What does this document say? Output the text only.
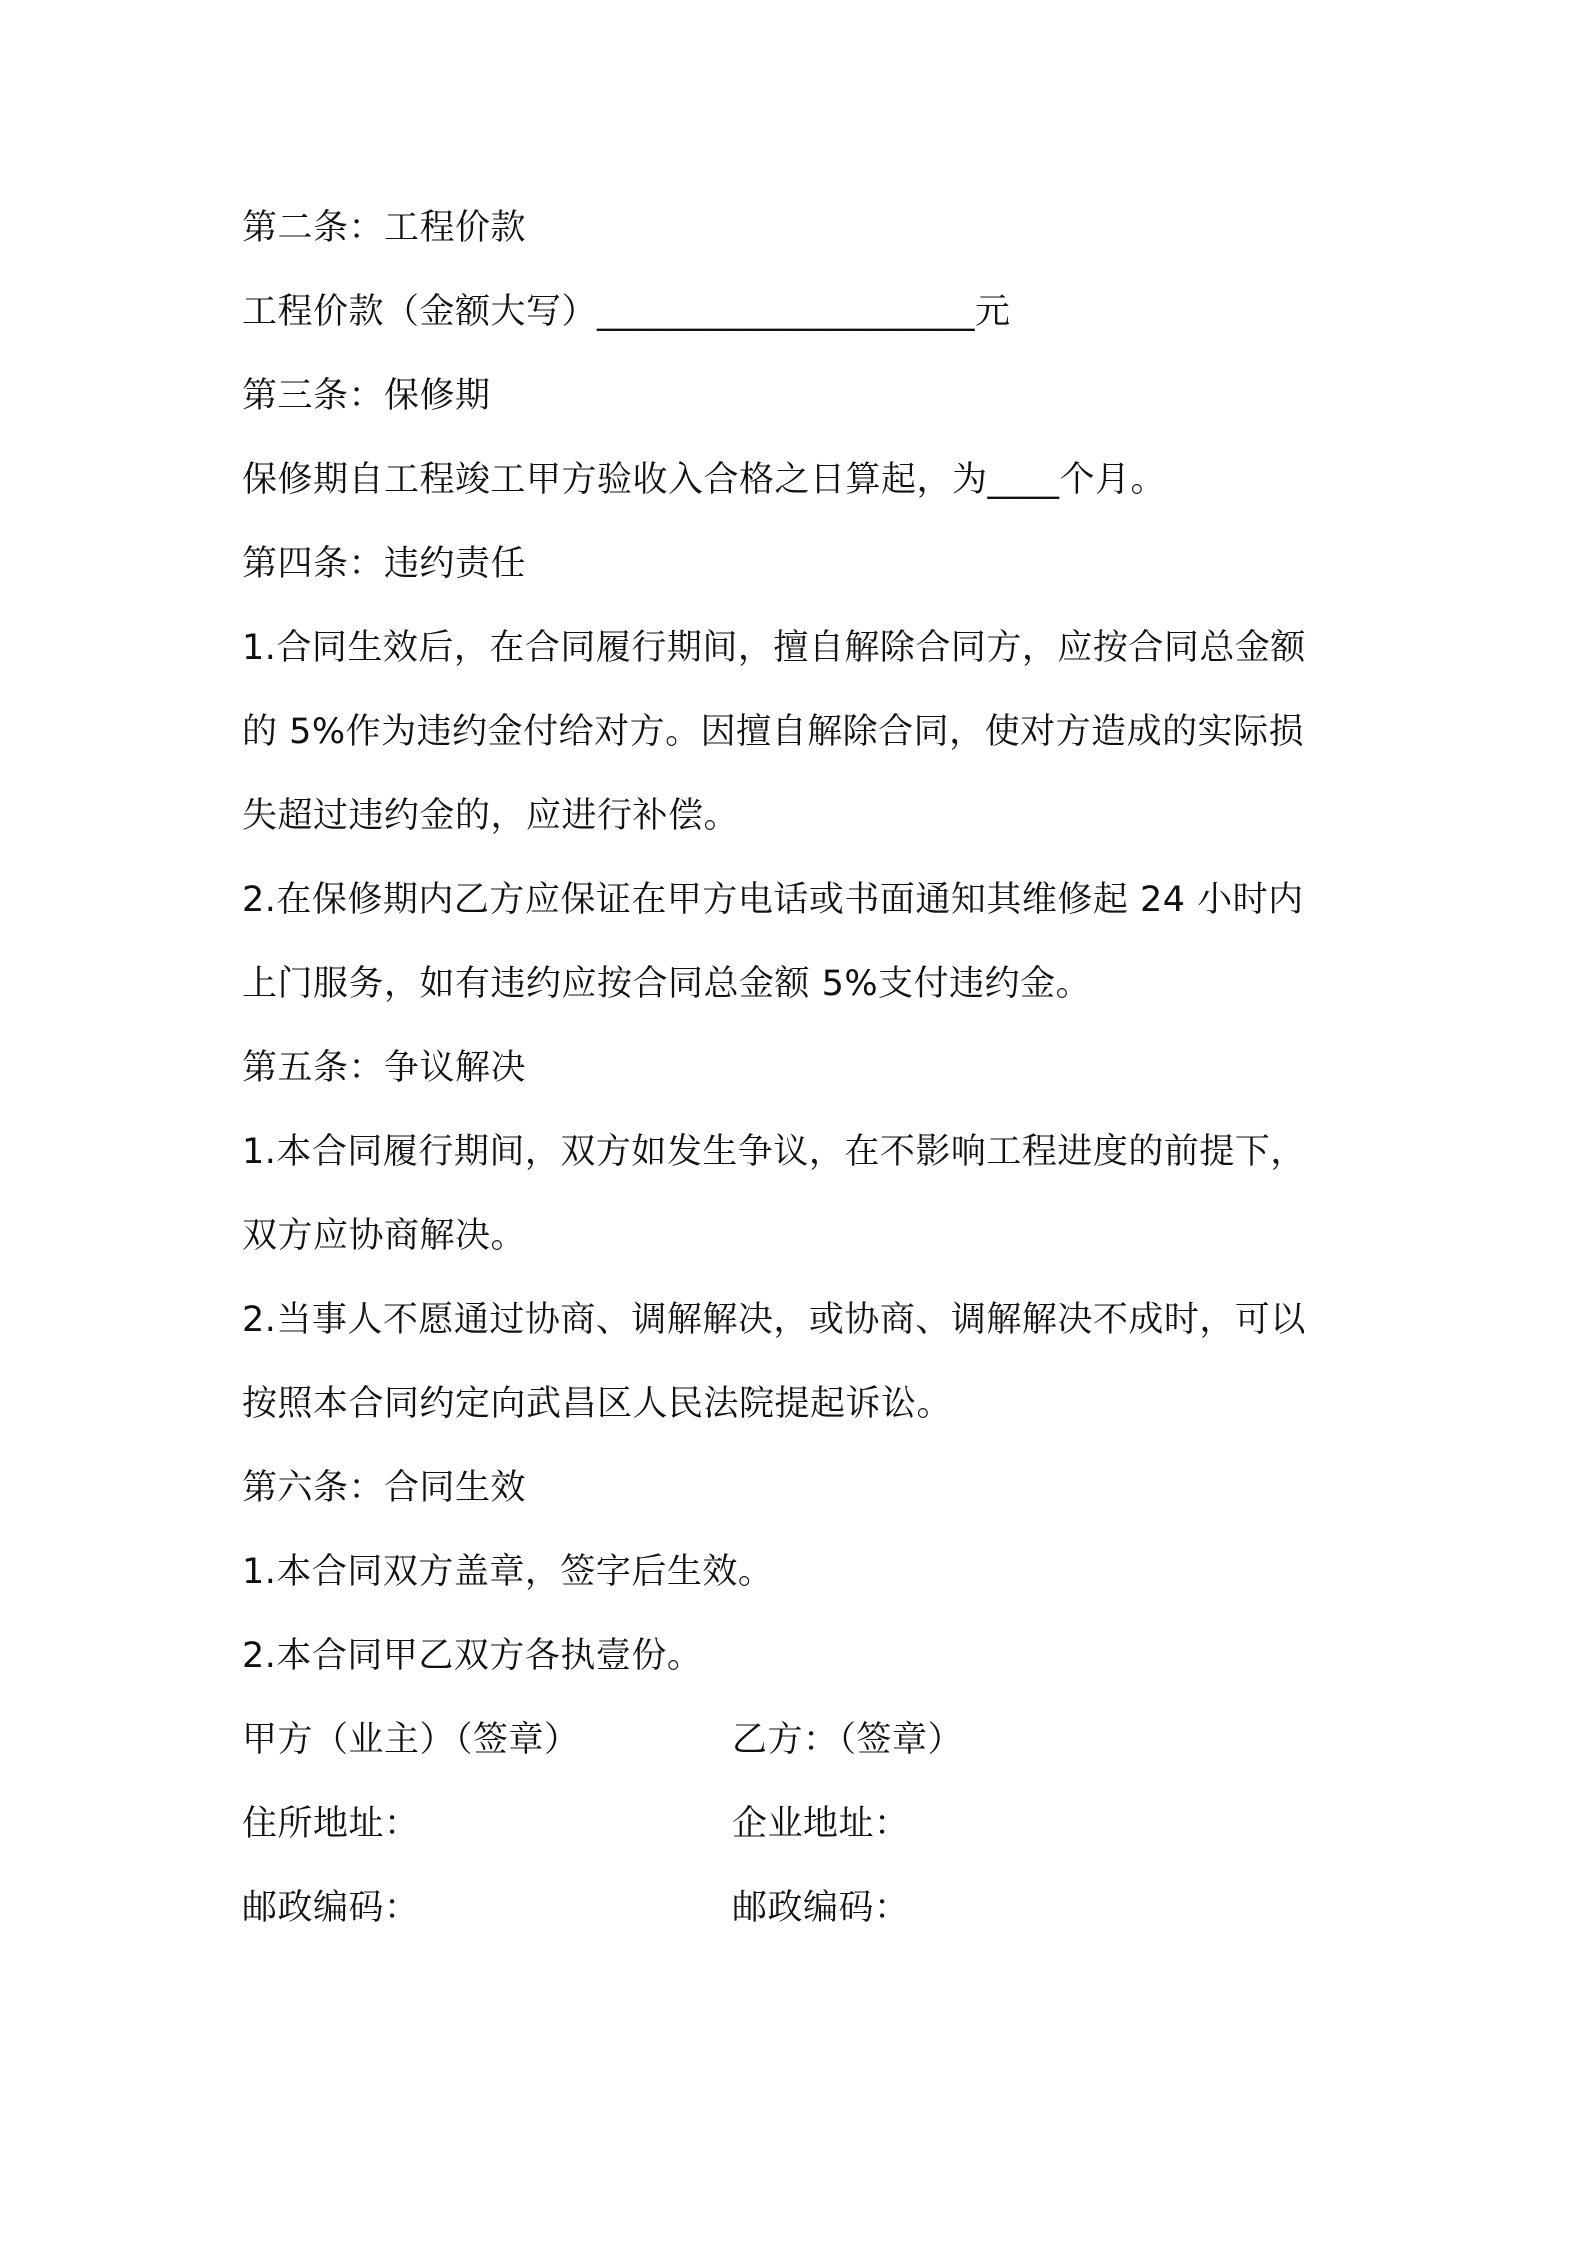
第二条：工程价款
工程价款（金额大写）_____________________元
第三条：保修期
保修期自工程竣工甲方验收入合格之日算起，为____个月。
第四条：违约责任
1.合同生效后，在合同履行期间，擅自解除合同方，应按合同总金额
的 5%作为违约金付给对方。因擅自解除合同，使对方造成的实际损
失超过违约金的，应进行补偿。
2.在保修期内乙方应保证在甲方电话或书面通知其维修起 24 小时内
上门服务，如有违约应按合同总金额 5%支付违约金。
第五条：争议解决
1.本合同履行期间，双方如发生争议，在不影响工程进度的前提下，
双方应协商解决。
2.当事人不愿通过协商、调解解决，或协商、调解解决不成时，可以
按照本合同约定向武昌区人民法院提起诉讼。
第六条：合同生效
1.本合同双方盖章，签字后生效。
2.本合同甲乙双方各执壹份。
甲方（业主）（签章）	乙方：（签章）
住所地址：	企业地址：
邮政编码：	邮政编码：
